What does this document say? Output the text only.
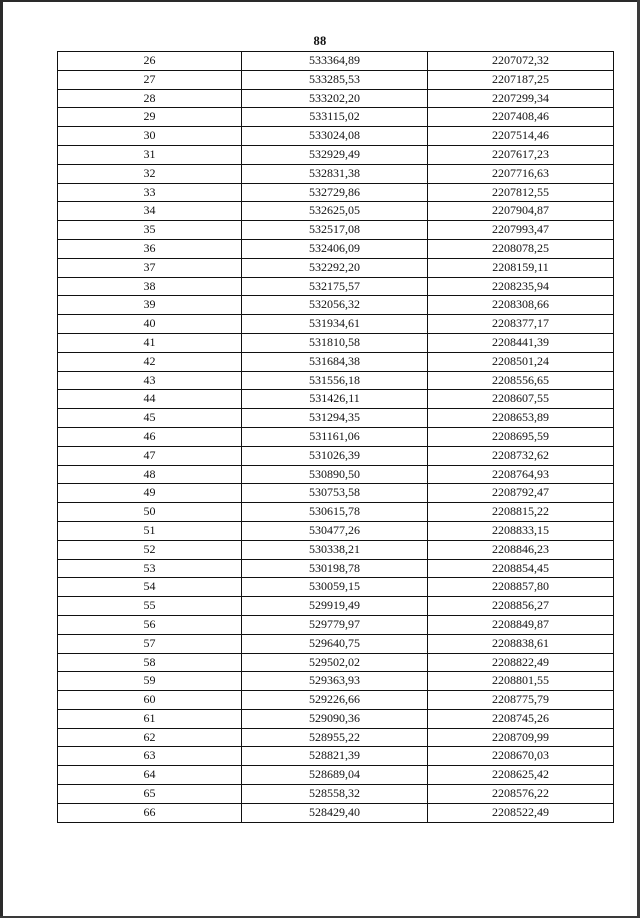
88
26	533364,89	2207072,32
27	533285,53	2207187,25
28	533202,20	2207299,34
29	533115,02	2207408,46
30	533024,08	2207514,46
31	532929,49	2207617,23
32	532831,38	2207716,63
33	532729,86	2207812,55
34	532625,05	2207904,87
35	532517,08	2207993,47
36	532406,09	2208078,25
37	532292,20	2208159,11
38	532175,57	2208235,94
39	532056,32	2208308,66
40	531934,61	2208377,17
41	531810,58	2208441,39
42	531684,38	2208501,24
43	531556,18	2208556,65
44	531426,11	2208607,55
45	531294,35	2208653,89
46	531161,06	2208695,59
47	531026,39	2208732,62
48	530890,50	2208764,93
49	530753,58	2208792,47
50	530615,78	2208815,22
51	530477,26	2208833,15
52	530338,21	2208846,23
53	530198,78	2208854,45
54	530059,15	2208857,80
55	529919,49	2208856,27
56	529779,97	2208849,87
57	529640,75	2208838,61
58	529502,02	2208822,49
59	529363,93	2208801,55
60	529226,66	2208775,79
61	529090,36	2208745,26
62	528955,22	2208709,99
63	528821,39	2208670,03
64	528689,04	2208625,42
65	528558,32	2208576,22
66	528429,40	2208522,49
